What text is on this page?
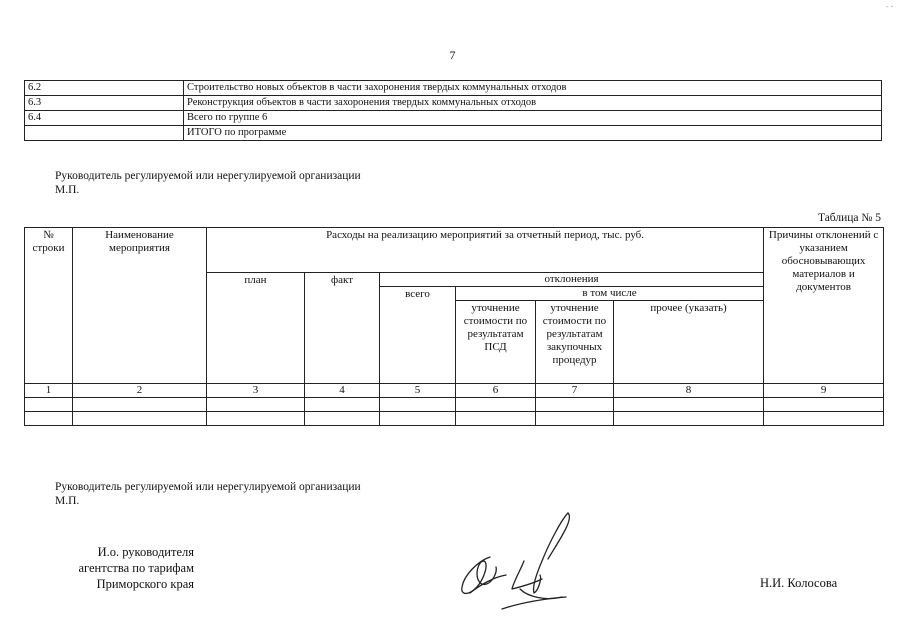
- -
7
6.2	Строительство новых объектов в части захоронения твердых коммунальных отходов
6.3	Реконструкция объектов в части захоронения твердых коммунальных отходов
6.4	Всего по группе 6
	ИТОГО по программе
Руководитель регулируемой или нерегулируемой организации
М.П.
Таблица № 5
№ строки	Наименование мероприятия	Расходы на реализацию мероприятий за отчетный период, тыс. руб.						Причины отклонений с указанием обосновывающих материалов и документов
		план	факт	отклонения				
				всего	в том числе			
					уточнение стоимости по результатам ПСД	уточнение стоимости по результатам закупочных процедур	прочее (указать)	
1	2	3	4	5	6	7	8	9

Руководитель регулируемой или нерегулируемой организации
М.П.
И.о. руководителя
агентства по тарифам
Приморского края	Н.И. Колосова
